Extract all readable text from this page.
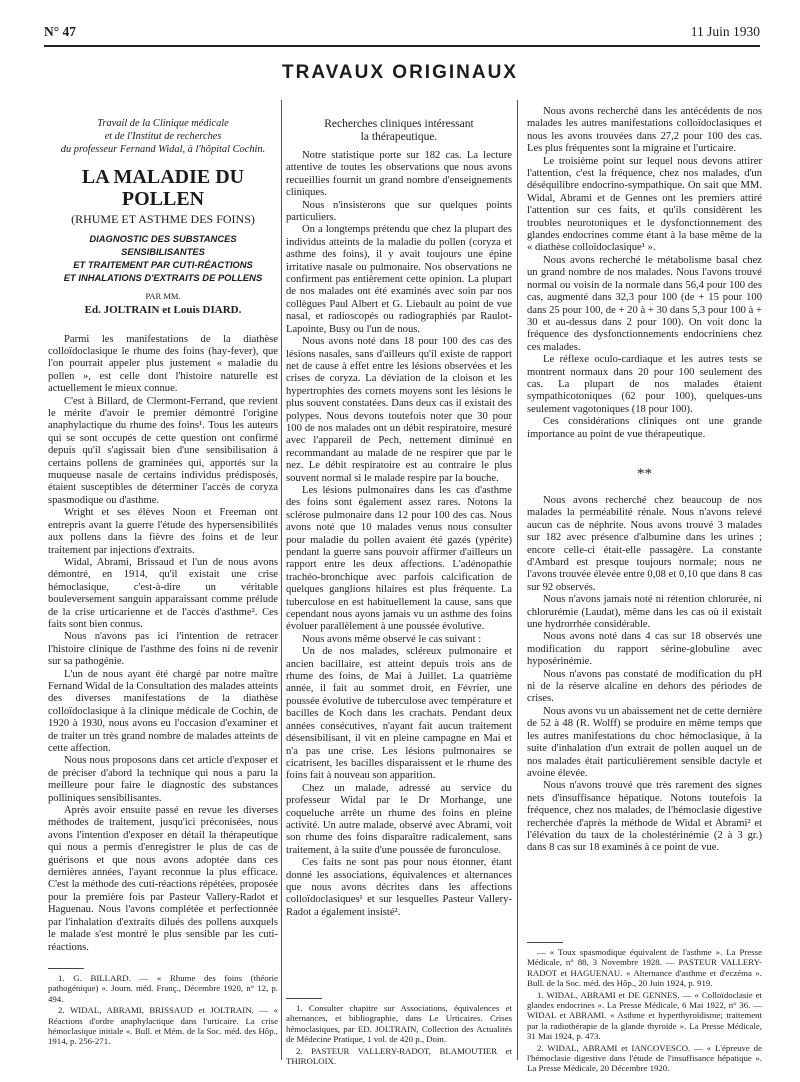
N° 47	11 Juin 1930
TRAVAUX ORIGINAUX
Travail de la Clinique médicale
et de l'Institut de recherches
du professeur Fernand Widal, à l'hôpital Cochin.
LA MALADIE DU POLLEN
(RHUME ET ASTHME DES FOINS)
DIAGNOSTIC DES SUBSTANCES SENSIBILISANTES
ET TRAITEMENT PAR CUTI-RÉACTIONS
ET INHALATIONS D'EXTRAITS DE POLLENS
PAR MM.
Ed. JOLTRAIN et Louis DIARD.

Parmi les manifestations de la diathèse colloïdoclasique le rhume des foins (hay-fever), que l'on pourrait appeler plus justement « maladie du pollen », est celle dont l'histoire naturelle est actuellement le mieux connue.

C'est à Billard, de Clermont-Ferrand, que revient le mérite d'avoir le premier démontré l'origine anaphylactique du rhume des foins¹. Tous les auteurs qui se sont occupés de cette question ont confirmé depuis qu'il s'agissait bien d'une sensibilisation à certains pollens de graminées qui, apportés sur la muqueuse nasale de certains individus prédisposés, étaient susceptibles de déterminer l'accès de coryza spasmodique ou d'asthme.

Wright et ses élèves Noon et Freeman ont entrepris avant la guerre l'étude des hypersensibilités aux pollens dans la fièvre des foins et de leur traitement par injections d'extraits.

Widal, Abrami, Brissaud et l'un de nous avons démontré, en 1914, qu'il existait une crise hémoclasique, c'est-à-dire un véritable bouleversement sanguin apparaissant comme prélude de la crise urticarienne et de l'accès d'asthme². Ces faits sont bien connus.

Nous n'avons pas ici l'intention de retracer l'histoire clinique de l'asthme des foins ni de revenir sur sa pathogénie.

L'un de nous ayant été chargé par notre maître Fernand Widal de la Consultation des malades atteints des diverses manifestations de la diathèse colloïdoclasique à la clinique médicale de Cochin, de 1920 à 1930, nous avons eu l'occasion d'examiner et de traiter un très grand nombre de malades atteints de cette affection.

Nous nous proposons dans cet article d'exposer et de préciser d'abord la technique qui nous a paru la meilleure pour faire le diagnostic des substances polliniques sensibilisantes.

Après avoir ensuite passé en revue les diverses méthodes de traitement, jusqu'ici préconisées, nous avons l'intention d'exposer en détail la thérapeutique qui nous a permis d'enregistrer le plus de cas de guérisons et que nous avons adoptée dans ces dernières années, l'ayant reconnue la plus efficace. C'est la méthode des cuti-réactions répétées, proposée pour la première fois par Pasteur Vallery-Radot et Haguenau. Nous l'avons complétée et perfectionnée par l'inhalation d'extraits dilués des pollens auxquels le malade s'est montré le plus sensible par les cuti-réactions.

Recherches cliniques intéressant
la thérapeutique.

Notre statistique porte sur 182 cas. La lecture attentive de toutes les observations que nous avons recueillies fournit un grand nombre d'enseignements cliniques.

Nous n'insisterons que sur quelques points particuliers.

On a longtemps prétendu que chez la plupart des individus atteints de la maladie du pollen (coryza et asthme des foins), il y avait toujours une épine irritative nasale ou pulmonaire. Nos observations ne confirment pas entièrement cette opinion. La plupart de nos malades ont été examinés avec soin par nos collègues Paul Albert et G. Liebault au point de vue nasal, et radioscopés ou radiographiés par Raulot-Lapointe, Busy ou l'un de nous.

Nous avons noté dans 18 pour 100 des cas des lésions nasales, sans d'ailleurs qu'il existe de rapport net de cause à effet entre les lésions observées et les crises de coryza. La déviation de la cloison et les hypertrophies des cornets moyens sont les lésions le plus souvent constatées. Dans deux cas il existait des polypes. Nous devons toutefois noter que 30 pour 100 de nos malades ont un débit respiratoire, mesuré avec l'appareil de Pech, nettement diminué en recommandant au malade de ne respirer que par le nez. Le débit respiratoire est au contraire le plus souvent normal si le malade respire par la bouche.

Les lésions pulmonaires dans les cas d'asthme des foins sont également assez rares. Notons la sclérose pulmonaire dans 12 pour 100 des cas. Nous avons noté que 10 malades venus nous consulter pour maladie du pollen avaient été gazés (ypérite) pendant la guerre sans pouvoir affirmer d'ailleurs un rapport entre les deux affections. L'adénopathie trachéo-bronchique avec parfois calcification de quelques ganglions hilaires est plus fréquente. La tuberculose en est habituellement la cause, sans que cependant nous ayons jamais vu un asthme des foins évoluer parallèlement à une poussée évolutive.

Nous avons même observé le cas suivant :

Un de nos malades, scléreux pulmonaire et ancien bacillaire, est atteint depuis trois ans de rhume des foins, de Mai à Juillet. La quatrième année, il fait au sommet droit, en Février, une poussée évolutive de tuberculose avec température et bacilles de Koch dans les crachats. Pendant deux années consécutives, n'ayant fait aucun traitement désensibilisant, il vit en pleine campagne en Mai et n'a pas une crise. Les lésions pulmonaires se cicatrisent, les bacilles disparaissent et le rhume des foins fait à nouveau son apparition.

Chez un malade, adressé au service du professeur Widal par le Dr Morhange, une coqueluche arrête un rhume des foins en pleine activité. Un autre malade, observé avec Abrami, voit son rhume des foins disparaître radicalement, sans traitement, à la suite d'une poussée de furonculose.

Ces faits ne sont pas pour nous étonner, étant donné les associations, équivalences et alternances que nous avons décrites dans les affections colloïdoclasiques¹ et sur lesquelles Pasteur Vallery-Radot a également insisté².

Nous avons recherché dans les antécédents de nos malades les autres manifestations colloïdoclasiques et nous les avons trouvées dans 27,2 pour 100 des cas. Les plus fréquentes sont la migraine et l'urticaire.

Le troisième point sur lequel nous devons attirer l'attention, c'est la fréquence, chez nos malades, d'un déséquilibre endocrino-sympathique. On sait que MM. Widal, Abrami et de Gennes ont les premiers attiré l'attention sur ces faits, et qu'ils considèrent les troubles neurotoniques et le dysfonctionnement des glandes endocrines comme étant à la base même de la « diathèse colloïdoclasique¹ ».

Nous avons recherché le métabolisme basal chez un grand nombre de nos malades. Nous l'avons trouvé normal ou voisin de la normale dans 56,4 pour 100 des cas, augmenté dans 32,3 pour 100 (de + 15 pour 100 dans 25 pour 100, de + 20 à + 30 dans 5,3 pour 100 à + 30 et au-dessus dans 2 pour 100). On voit donc la fréquence des dysfonctionnements endocriniens chez ces malades.

Le réflexe oculo-cardiaque et les autres tests se montrent normaux dans 20 pour 100 seulement des cas. La plupart de nos malades étaient sympathicotoniques (62 pour 100), quelques-uns seulement vagotoniques (18 pour 100).

Ces considérations cliniques ont une grande importance au point de vue thérapeutique.

**

Nous avons recherché chez beaucoup de nos malades la perméabilité rénale. Nous n'avons relevé aucun cas de néphrite. Nous avons trouvé 3 malades sur 182 avec présence d'albumine dans les urines ; encore celle-ci était-elle passagère. La constante d'Ambard est presque toujours normale; nous ne l'avons trouvée élevée entre 0,08 et 0,10 que dans 8 cas sur 92 observés.

Nous n'avons jamais noté ni rétention chlorurée, ni chlorurémie (Laudat), même dans les cas où il existait une hydrorrhée considérable.

Nous avons noté dans 4 cas sur 18 observés une modification du rapport sérine-globuline avec hyposérinémie.

Nous n'avons pas constaté de modification du pH ni de la réserve alcaline en dehors des périodes de crises.

Nous avons vu un abaissement net de cette dernière de 52 à 48 (R. Wolff) se produire en même temps que les autres manifestations du choc hémoclasique, à la suite d'inhalation d'un extrait de pollen auquel un de nos malades était particulièrement sensible dactyle et avoine élevée.

Nous n'avons trouvé que très rarement des signes nets d'insuffisance hépatique. Notons toutefois la fréquence, chez nos malades, de l'hémoclasie digestive recherchée d'après la méthode de Widal et Abrami² et l'élévation du taux de la cholestérinémie (2 à 3 gr.) dans 8 cas sur 18 examinés à ce point de vue.

1. G. BILLARD. — « Rhume des foins (théorie pathogénique) ». Journ. méd. Franç., Décembre 1920, n° 12, p. 494.

2. WIDAL, ABRAMI, BRISSAUD et JOLTRAIN. — « Réactions d'ordre anaphylactique dans l'urticaire. La crise hémoclasique initiale ». Bull. et Mém. de la Soc. méd. des Hôp., 1914, p. 256-271.

1. Consulter chapitre sur Associations, équivalences et alternances, et bibliographie, dans Le Urticaires. Crises hémoclasiques, par ED. JOLTRAIN, Collection des Actualités de Médecine Pratique, 1 vol. de 420 p., Doin.

2. PASTEUR VALLERY-RADOT, BLAMOUTIER et THIROLOIX.

— « Toux spasmodique équivalent de l'asthme ». La Presse Médicale, n° 88, 3 Novembre 1928. — PASTEUR VALLERY-RADOT et HAGUENAU. « Alternance d'asthme et d'eczéma ». Bull. de la Soc. méd. des Hôp., 20 Juin 1924, p. 919.

1. WIDAL, ABRAMI et DE GENNES. — « Colloïdoclasie et glandes endocrines ». La Presse Médicale, 6 Mai 1922, n° 36. — WIDAL et ABRAMI. « Asthme et hyperthyroïdisme; traitement par la radiothérapie de la glande thyroïde ». La Presse Médicale, 31 Mai 1924, p. 473.

2. WIDAL, ABRAMI et IANCOVESCO. — « L'épreuve de l'hémoclasie digestive dans l'étude de l'insuffisance hépatique ». La Presse Médicale, 20 Décembre 1920.
